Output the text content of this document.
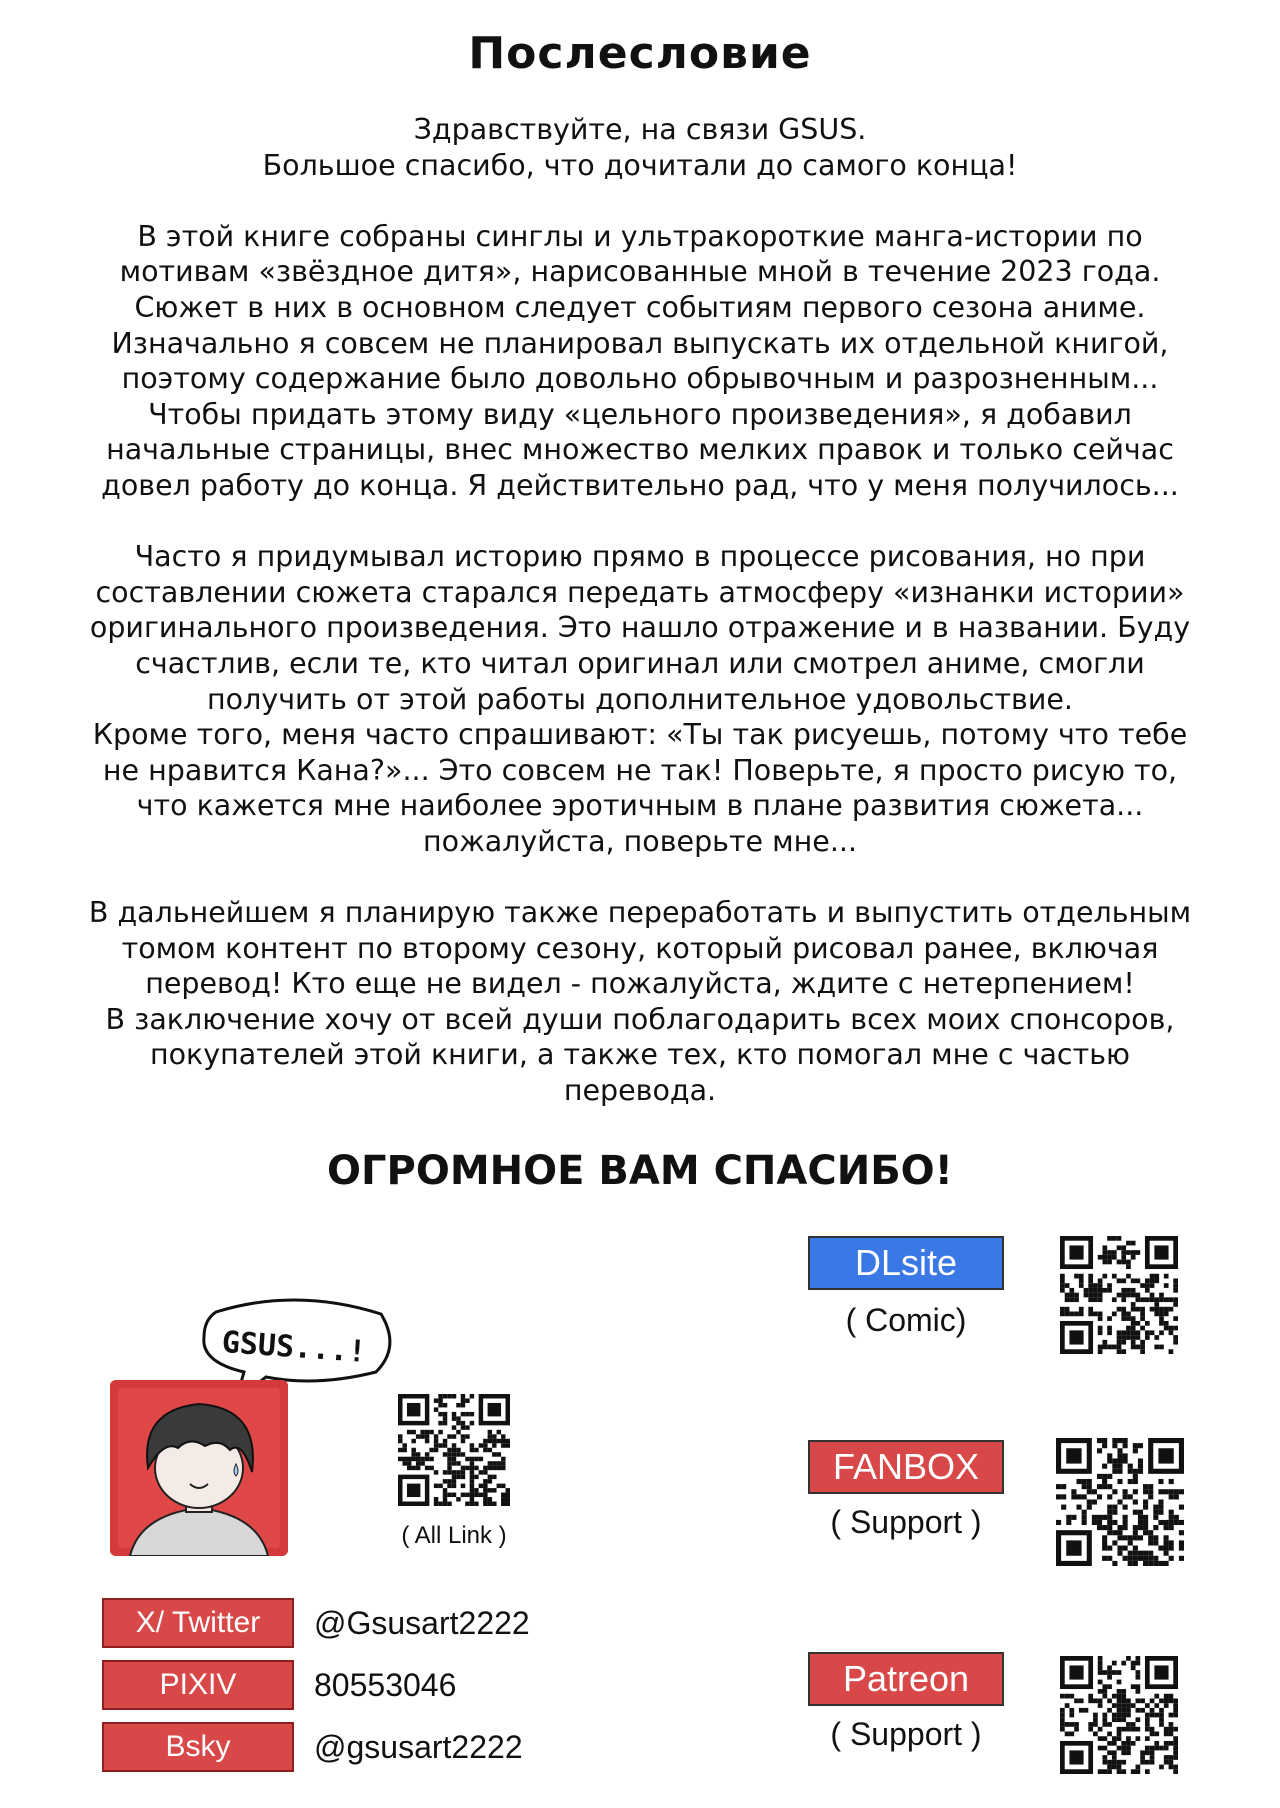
Послесловие
Здравствуйте, на связи GSUS.
Большое спасибо, что дочитали до самого конца!
В этой книге собраны синглы и ультракороткие манга-истории по
мотивам «звёздное дитя», нарисованные мной в течение 2023 года.
Сюжет в них в основном следует событиям первого сезона аниме.
Изначально я совсем не планировал выпускать их отдельной книгой,
поэтому содержание было довольно обрывочным и разрозненным...
Чтобы придать этому виду «цельного произведения», я добавил
начальные страницы, внес множество мелких правок и только сейчас
довел работу до конца. Я действительно рад, что у меня получилось...
Часто я придумывал историю прямо в процессе рисования, но при
составлении сюжета старался передать атмосферу «изнанки истории»
оригинального произведения. Это нашло отражение и в названии. Буду
счастлив, если те, кто читал оригинал или смотрел аниме, смогли
получить от этой работы дополнительное удовольствие.
Кроме того, меня часто спрашивают: «Ты так рисуешь, потому что тебе
не нравится Кана?»... Это совсем не так! Поверьте, я просто рисую то,
что кажется мне наиболее эротичным в плане развития сюжета...
пожалуйста, поверьте мне...
В дальнейшем я планирую также переработать и выпустить отдельным
томом контент по второму сезону, который рисовал ранее, включая
перевод! Кто еще не видел - пожалуйста, ждите с нетерпением!
В заключение хочу от всей души поблагодарить всех моих спонсоров,
покупателей этой книги, а также тех, кто помогал мне с частью
перевода.
ОГРОМНОЕ ВАМ СПАСИБО!
GSUS...!
( All Link )
X/ Twitter	@Gsusart2222
PIXIV	80553046
Bsky	@gsusart2222
DLsite
( Comic)
FANBOX
( Support )
Patreon
( Support )
